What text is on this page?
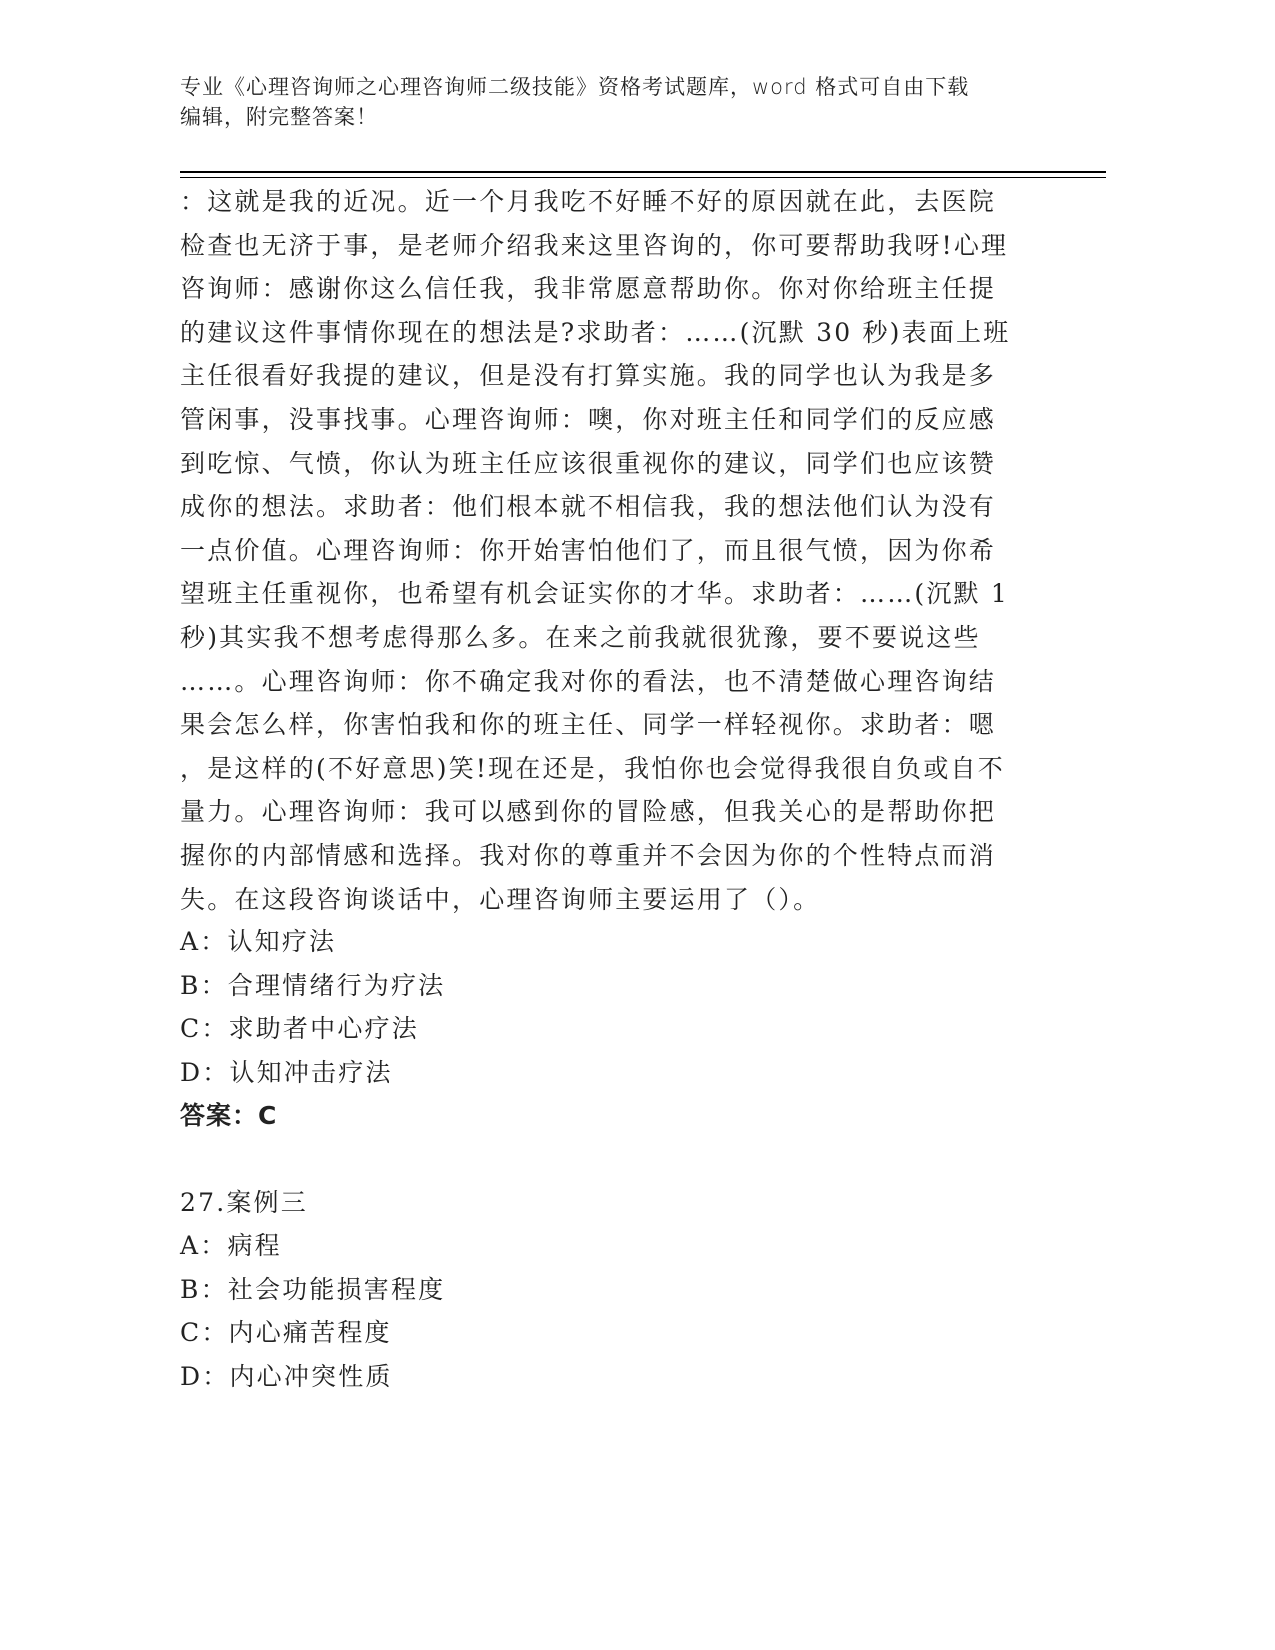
专业《心理咨询师之心理咨询师二级技能》资格考试题库，word 格式可自由下载
编辑，附完整答案！
：这就是我的近况。近一个月我吃不好睡不好的原因就在此，去医院
检查也无济于事，是老师介绍我来这里咨询的，你可要帮助我呀!心理
咨询师：感谢你这么信任我，我非常愿意帮助你。你对你给班主任提
的建议这件事情你现在的想法是?求助者：……(沉默 30 秒)表面上班
主任很看好我提的建议，但是没有打算实施。我的同学也认为我是多
管闲事，没事找事。心理咨询师：噢，你对班主任和同学们的反应感
到吃惊、气愤，你认为班主任应该很重视你的建议，同学们也应该赞
成你的想法。求助者：他们根本就不相信我，我的想法他们认为没有
一点价值。心理咨询师：你开始害怕他们了，而且很气愤，因为你希
望班主任重视你，也希望有机会证实你的才华。求助者：……(沉默 1
秒)其实我不想考虑得那么多。在来之前我就很犹豫，要不要说这些
……。心理咨询师：你不确定我对你的看法，也不清楚做心理咨询结
果会怎么样，你害怕我和你的班主任、同学一样轻视你。求助者：嗯
，是这样的(不好意思)笑!现在还是，我怕你也会觉得我很自负或自不
量力。心理咨询师：我可以感到你的冒险感，但我关心的是帮助你把
握你的内部情感和选择。我对你的尊重并不会因为你的个性特点而消
失。在这段咨询谈话中，心理咨询师主要运用了（）。
A：认知疗法
B：合理情绪行为疗法
C：求助者中心疗法
D：认知冲击疗法
答案：C
27.案例三
A：病程
B：社会功能损害程度
C：内心痛苦程度
D：内心冲突性质
